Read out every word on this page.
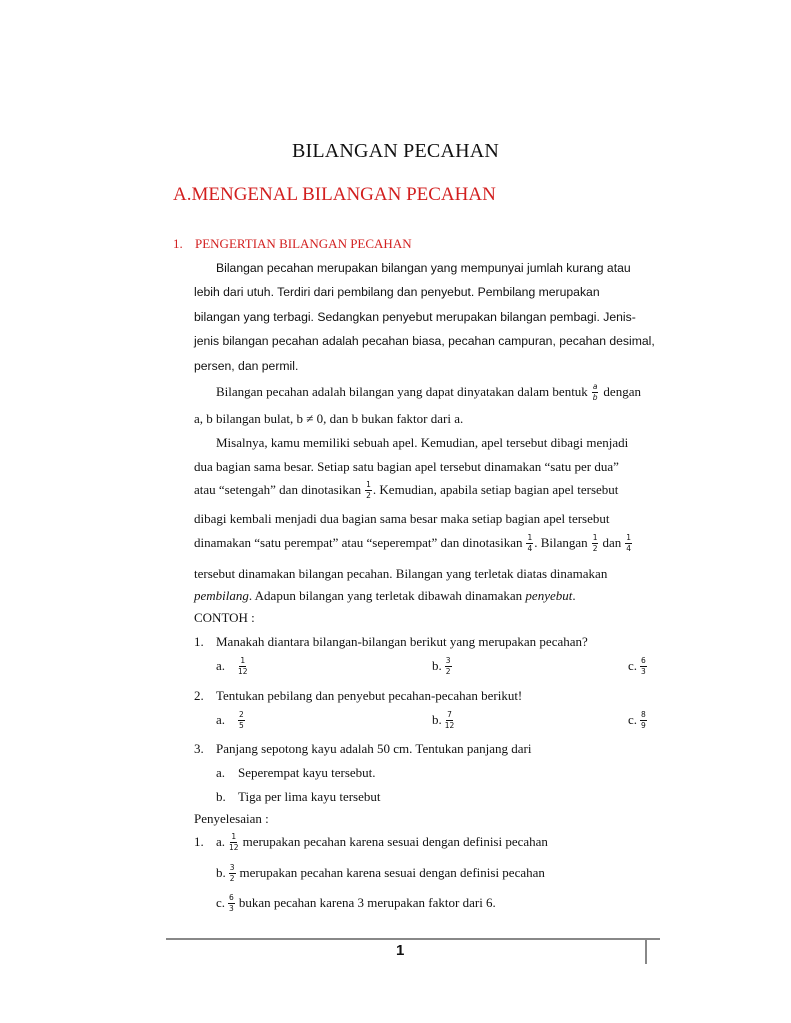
BILANGAN PECAHAN
A.MENGENAL BILANGAN PECAHAN
1. PENGERTIAN BILANGAN PECAHAN
Bilangan pecahan merupakan bilangan yang mempunyai jumlah kurang atau
lebih dari utuh. Terdiri dari pembilang dan penyebut. Pembilang merupakan
bilangan yang terbagi. Sedangkan penyebut merupakan bilangan pembagi. Jenis-
jenis bilangan pecahan adalah pecahan biasa, pecahan campuran, pecahan desimal,
persen, dan permil.
Bilangan pecahan adalah bilangan yang dapat dinyatakan dalam bentuk $\frac{a}{b}$ dengan
a, b bilangan bulat, b ≠ 0, dan b bukan faktor dari a.
Misalnya, kamu memiliki sebuah apel. Kemudian, apel tersebut dibagi menjadi
dua bagian sama besar. Setiap satu bagian apel tersebut dinamakan “satu per dua”
atau “setengah” dan dinotasikan $\frac{1}{2}$ . Kemudian, apabila setiap bagian apel tersebut
dibagi kembali menjadi dua bagian sama besar maka setiap bagian apel tersebut
dinamakan “satu perempat” atau “seperempat” dan dinotasikan $\frac{1}{4}$ . Bilangan $\frac{1}{2}$ dan $\frac{1}{4}$
tersebut dinamakan bilangan pecahan. Bilangan yang terletak diatas dinamakan
pembilang. Adapun bilangan yang terletak dibawah dinamakan penyebut.
CONTOH :
1. Manakah diantara bilangan-bilangan berikut yang merupakan pecahan?
a.	$\frac{1}{12}$	b. $\frac{3}{2}$	c. $\frac{6}{3}$
2. Tentukan pebilang dan penyebut pecahan-pecahan berikut!
a.	$\frac{2}{5}$	b. $\frac{7}{12}$	c. $\frac{8}{9}$
3. Panjang sepotong kayu adalah 50 cm. Tentukan panjang dari
a. Seperempat kayu tersebut.
b. Tiga per lima kayu tersebut
Penyelesaian :
1. a. $\frac{1}{12}$ merupakan pecahan karena sesuai dengan definisi pecahan
b. $\frac{3}{2}$ merupakan pecahan karena sesuai dengan definisi pecahan
c. $\frac{6}{3}$ bukan pecahan karena 3 merupakan faktor dari 6.
1
